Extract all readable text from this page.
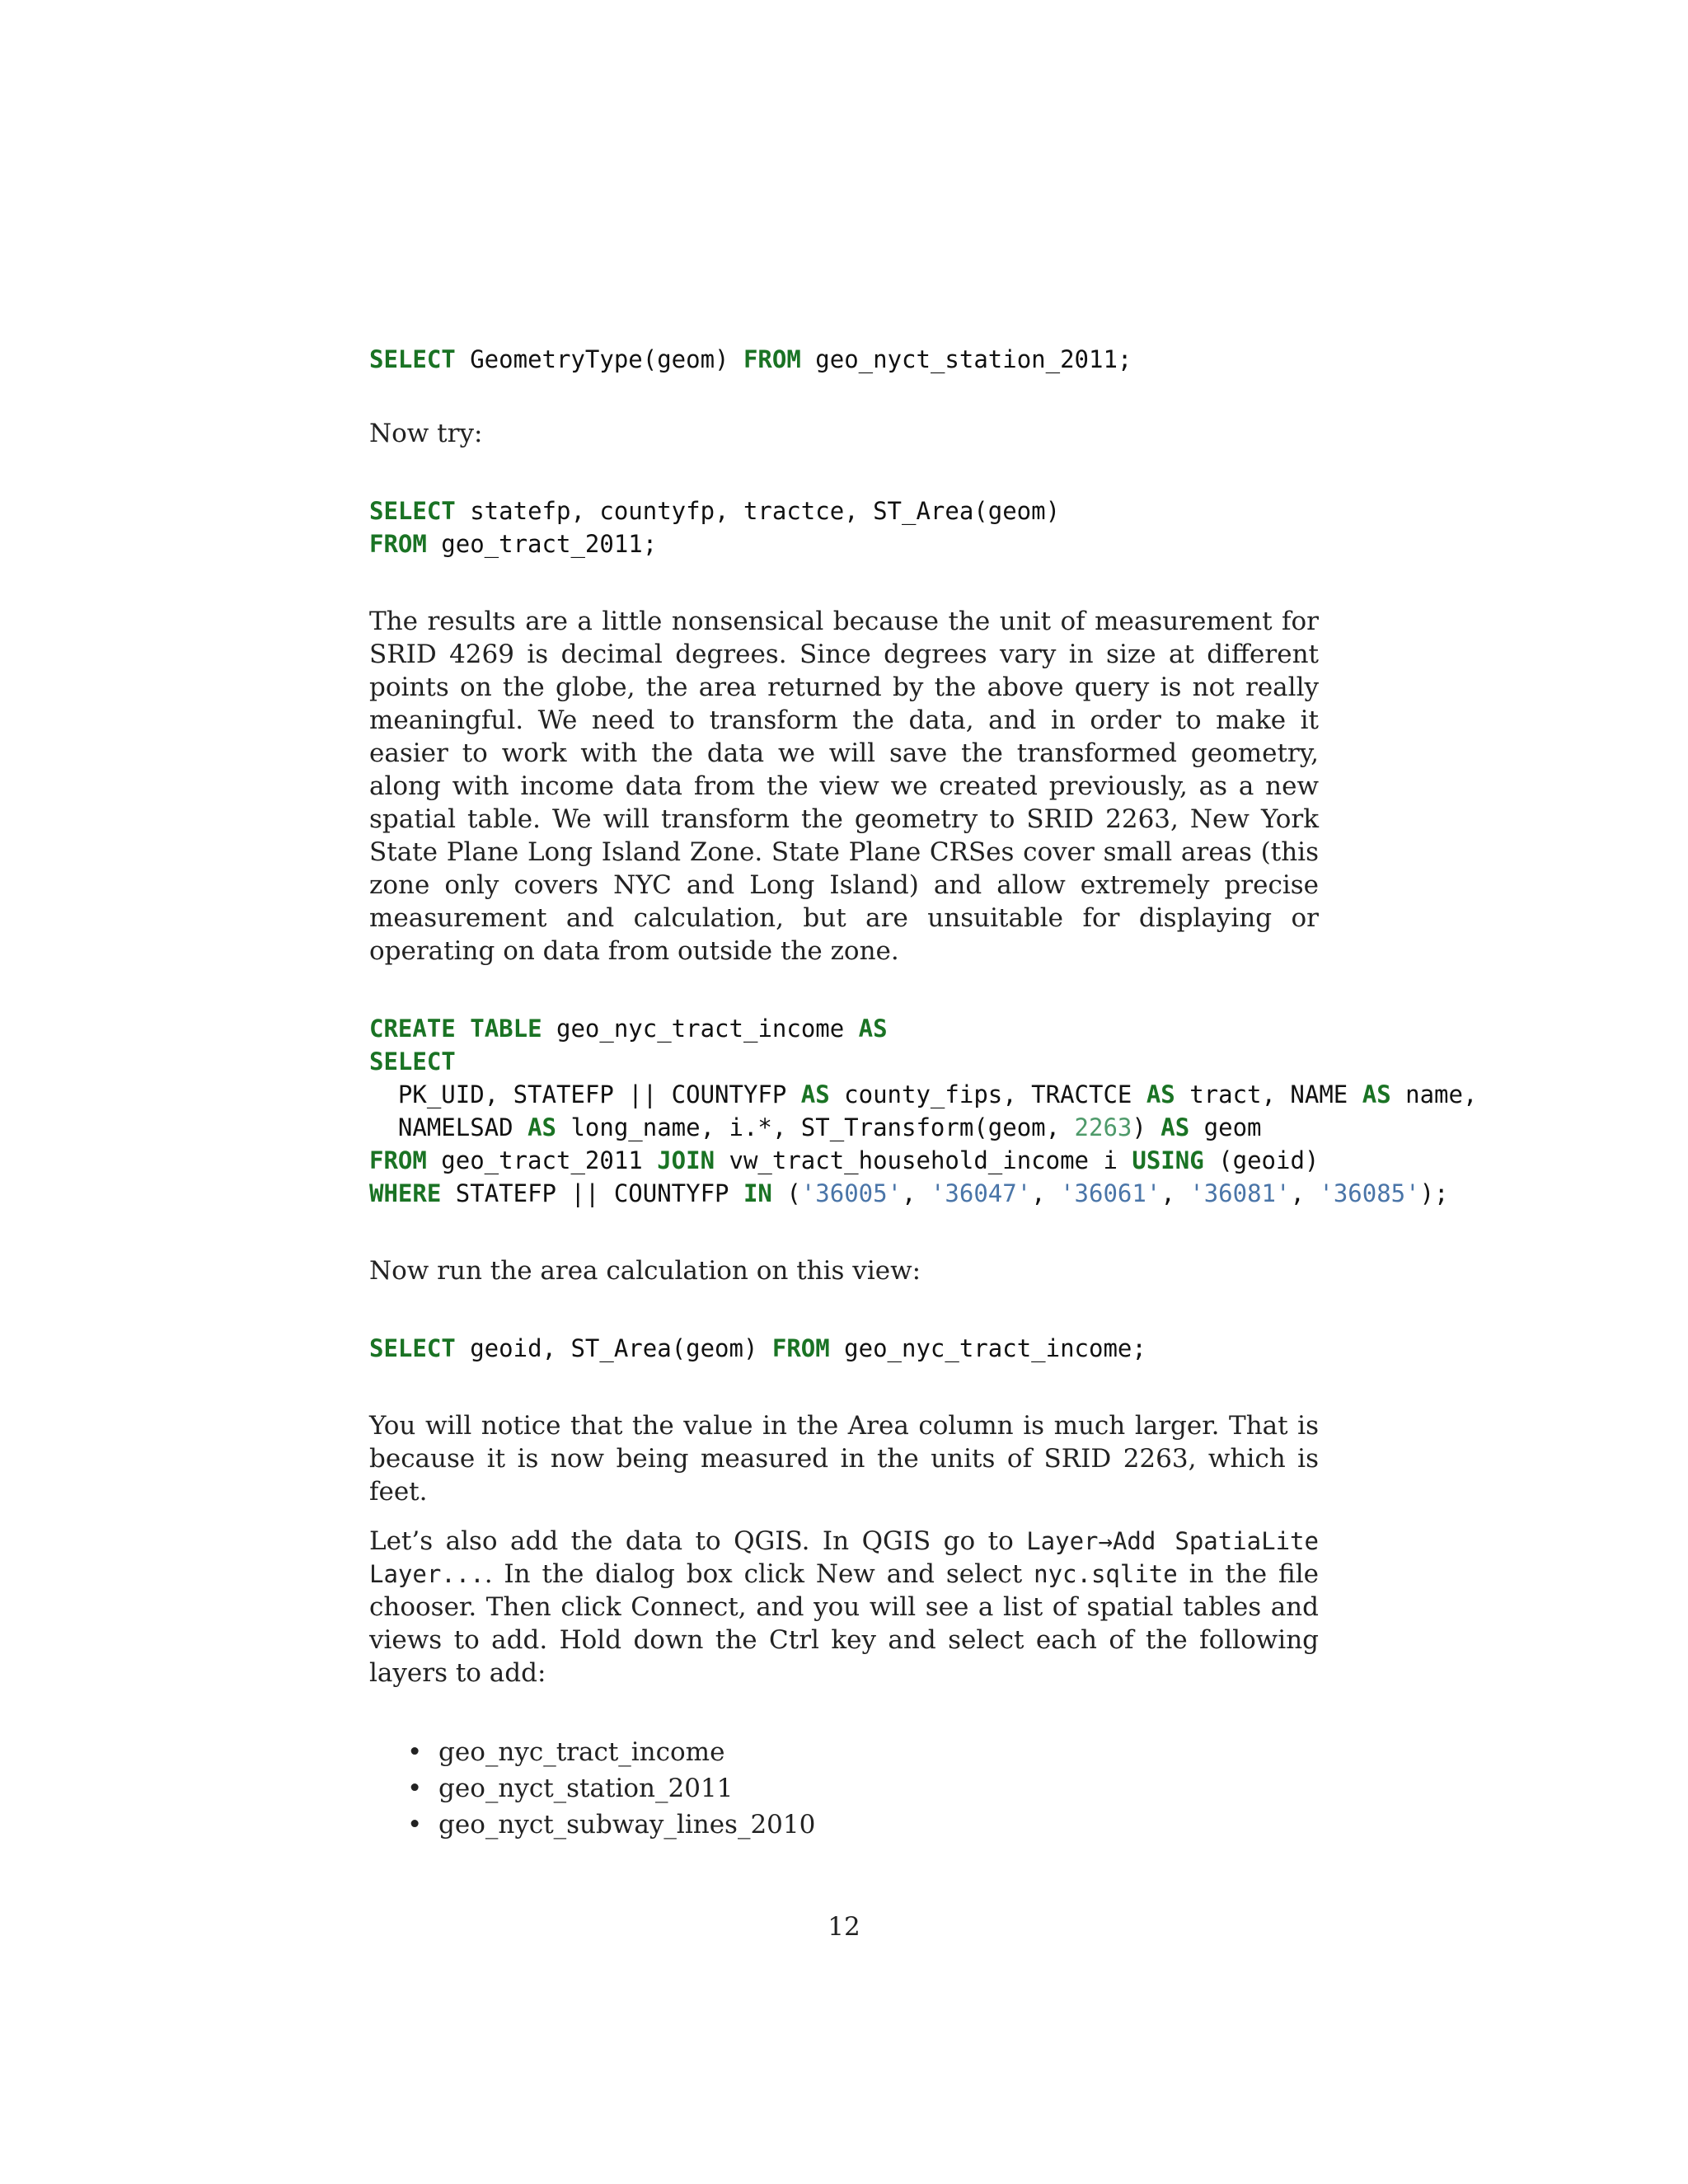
SELECT GeometryType(geom) FROM geo_nyct_station_2011;

Now try:

SELECT statefp, countyfp, tractce, ST_Area(geom)
FROM geo_tract_2011;

The results are a little nonsensical because the unit of measurement for SRID 4269 is decimal degrees. Since degrees vary in size at different points on the globe, the area returned by the above query is not really meaningful. We need to transform the data, and in order to make it easier to work with the data we will save the transformed geometry, along with income data from the view we created previously, as a new spatial table. We will transform the geometry to SRID 2263, New York State Plane Long Island Zone. State Plane CRSes cover small areas (this zone only covers NYC and Long Island) and allow extremely precise measurement and calculation, but are unsuitable for displaying or operating on data from outside the zone.

CREATE TABLE geo_nyc_tract_income AS
SELECT
PK_UID, STATEFP || COUNTYFP AS county_fips, TRACTCE AS tract, NAME AS name,
NAMELSAD AS long_name, i.*, ST_Transform(geom, 2263) AS geom
FROM geo_tract_2011 JOIN vw_tract_household_income i USING (geoid)
WHERE STATEFP || COUNTYFP IN ('36005', '36047', '36061', '36081', '36085');

Now run the area calculation on this view:

SELECT geoid, ST_Area(geom) FROM geo_nyc_tract_income;

You will notice that the value in the Area column is much larger. That is because it is now being measured in the units of SRID 2263, which is feet.

Let’s also add the data to QGIS. In QGIS go to Layer→Add SpatiaLite Layer.... In the dialog box click New and select nyc.sqlite in the file chooser. Then click Connect, and you will see a list of spatial tables and views to add. Hold down the Ctrl key and select each of the following layers to add:

• geo_nyc_tract_income
• geo_nyct_station_2011
• geo_nyct_subway_lines_2010
12
